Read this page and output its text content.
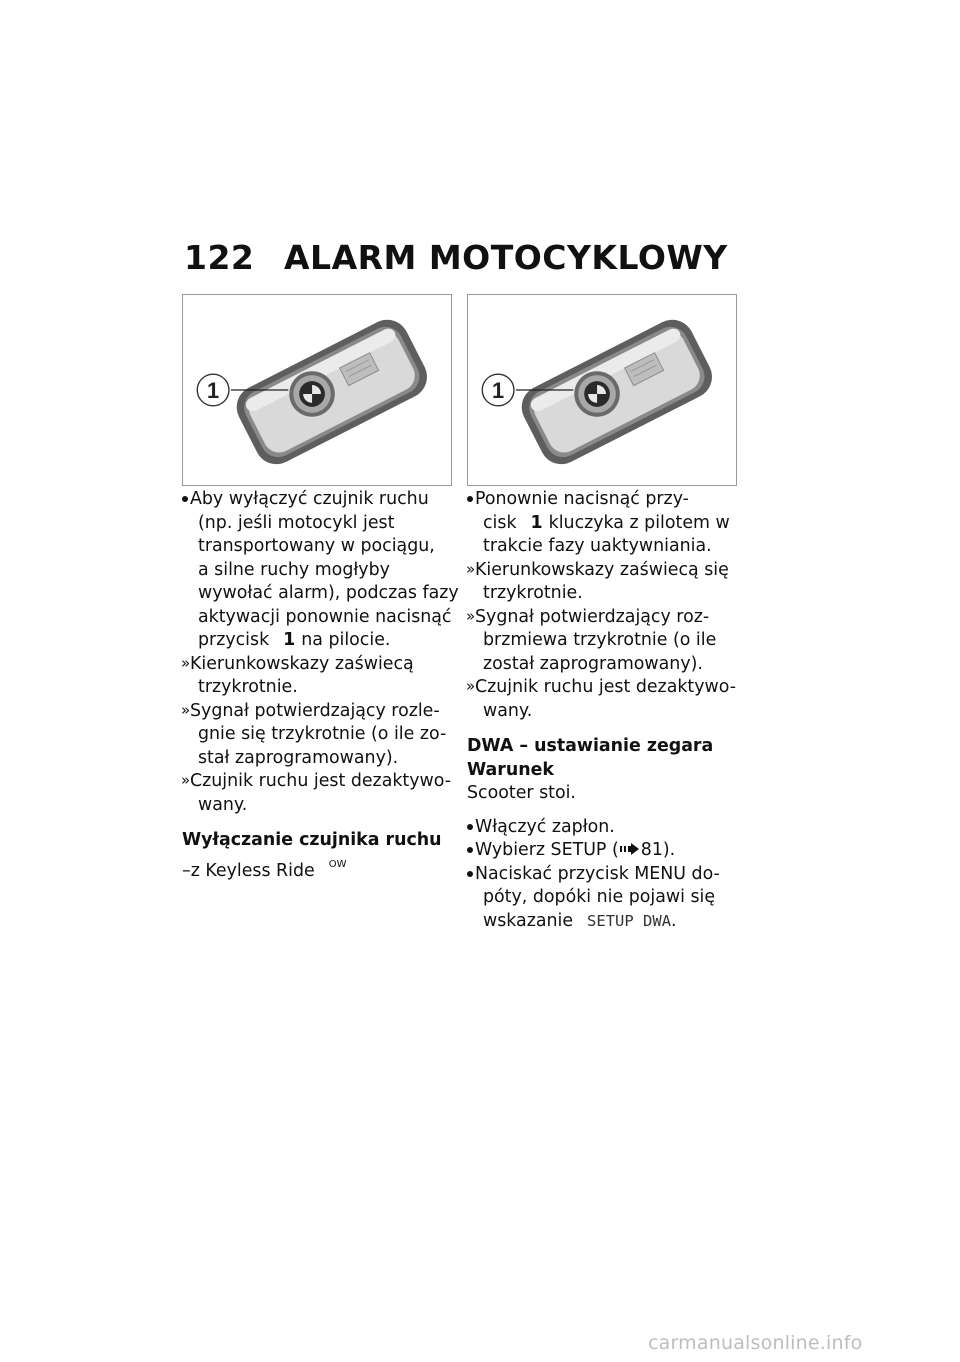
122 ALARM MOTOCYKLOWY
1	1
Aby wyłączyć czujnik ruchu
(np. jeśli motocykl jest
transportowany w pociągu,
a silne ruchy mogłyby
wywołać alarm), podczas fazy
aktywacji ponownie nacisnąć
przycisk 1 na pilocie.
Kierunkowskazy zaświecą
trzykrotnie.
Sygnał potwierdzający rozle-
gnie się trzykrotnie (o ile zo-
stał zaprogramowany).
Czujnik ruchu jest dezaktywo-
wany.
Wyłączanie czujnika ruchu
–z Keyless Ride $^{OW}$
Ponownie nacisnąć przy-
cisk 1 kluczyka z pilotem w
trakcie fazy uaktywniania.
Kierunkowskazy zaświecą się
trzykrotnie.
Sygnał potwierdzający roz-
brzmiewa trzykrotnie (o ile
został zaprogramowany).
Czujnik ruchu jest dezaktywo-
wany.
DWA – ustawianie zegara
Warunek
Scooter stoi.
Włączyć zapłon.
Wybierz SETUP ( 81).
Naciskać przycisk MENU do-
póty, dopóki nie pojawi się
wskazanie SETUP DWA.
carmanualsonline.info
